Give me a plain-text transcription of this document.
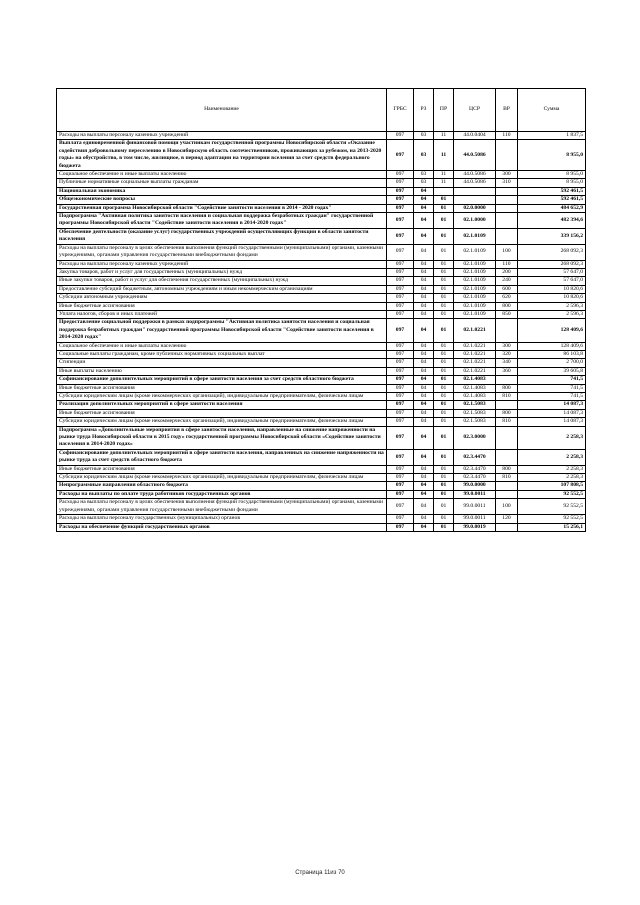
Наименование	ГРБС	РЗ	ПР	ЦСР	ВР	Сумма
Расходы на выплаты персоналу казенных учреждений	097	03	11	44.0.0404	110	1 837,5
Выплата единовременной финансовой помощи участникам государственной программы Новосибирской области «Оказание содействия добровольному переселению в Новосибирскую область соотечественников, проживающих за рубежом, на 2013-2020 годы» на обустройство, в том числе, жилищное, в период адаптации на территории вселения за счет средств федерального бюджета	097	03	11	44.0.5086		8 955,0
Социальное обеспечение и иные выплаты населению	097	03	11	44.0.5086	300	8 955,0
Публичные нормативные социальные выплаты гражданам	097	03	11	44.0.5086	310	8 955,0
Национальная экономика	097	04				592 461,5
Общеэкономические вопросы	097	04	01			592 461,5
Государственная программа Новосибирской области "Содействие занятости населения в 2014 - 2020 годах"	097	04	01	02.0.0000		484 652,9
Подпрограмма "Активная политика занятости населения и социальная поддержка безработных граждан" государственной программы Новосибирской области "Содействие занятости населения в 2014-2020 годах"	097	04	01	02.1.0000		482 394,6
Обеспечение деятельности (оказание услуг) государственных учреждений осуществляющих функции в области занятости населения	097	04	01	02.1.0109		339 156,2
Расходы на выплаты персоналу в целях обеспечения выполнения функций государственными (муниципальными) органами, казенными учреждениями, органами управления государственными внебюджетными фондами	097	04	01	02.1.0109	100	268 092,3
Расходы на выплаты персоналу казенных учреждений	097	04	01	02.1.0109	110	268 092,3
Закупка товаров, работ и услуг для государственных (муниципальных) нужд	097	04	01	02.1.0109	200	57 647,0
Иные закупки товаров, работ и услуг для обеспечения государственных (муниципальных) нужд	097	04	01	02.1.0109	240	57 647,0
Предоставление субсидий бюджетным, автономным учреждениям и иным некоммерческим организациям	097	04	01	02.1.0109	600	10 820,6
Субсидии автономным учреждениям	097	04	01	02.1.0109	620	10 820,6
Иные бюджетные ассигнования	097	04	01	02.1.0109	800	2 596,3
Уплата налогов, сборов и иных платежей	097	04	01	02.1.0109	850	2 596,3
Предоставление социальной поддержки в рамках подпрограммы "Активная политика занятости населения и социальная поддержка безработных граждан" государственной программы Новосибирской области "Содействие занятости населения в 2014-2020 годах"	097	04	01	02.1.0221		128 409,6
Социальное обеспечение и иные выплаты населению	097	04	01	02.1.0221	300	128 409,6
Социальные выплаты гражданам, кроме публичных нормативных социальных выплат	097	04	01	02.1.0221	320	86 103,8
Стипендии	097	04	01	02.1.0221	340	2 700,0
Иные выплаты населению	097	04	01	02.1.0221	360	39 605,8
Софинансирование дополнительных мероприятий в сфере занятости населения за счет средств областного бюджета	097	04	01	02.1.4083		741,5
Иные бюджетные ассигнования	097	04	01	02.1.4083	800	741,5
Субсидии юридическим лицам (кроме некоммерческих организаций), индивидуальным предпринимателям, физическим лицам	097	04	01	02.1.4083	810	741,5
Реализация дополнительных мероприятий в сфере занятости населения	097	04	01	02.1.5083		14 087,3
Иные бюджетные ассигнования	097	04	01	02.1.5083	800	14 087,3
Субсидии юридическим лицам (кроме некоммерческих организаций), индивидуальным предпринимателям, физическим лицам	097	04	01	02.1.5083	810	14 087,3
Подпрограмма «Дополнительные мероприятия в сфере занятости населения, направленные на снижение напряженности на рынке труда Новосибирской области в 2015 году» государственной программы Новосибирской области «Содействие занятости населения в 2014-2020 годах»	097	04	01	02.3.0000		2 258,3
Софинансирование дополнительных мероприятий в сфере занятости населения, направленных на снижение напряженности на рынке труда за счет средств областного бюджета	097	04	01	02.3.4470		2 258,3
Иные бюджетные ассигнования	097	04	01	02.3.4470	800	2 258,3
Субсидии юридическим лицам (кроме некоммерческих организаций), индивидуальным предпринимателям, физическим лицам	097	04	01	02.3.4470	810	2 258,3
Непрограммные направления областного бюджета	097	04	01	99.0.0000		107 808,5
Расходы на выплаты по оплате труда работников государственных органов	097	04	01	99.0.0011		92 552,5
Расходы на выплаты персоналу в целях обеспечения выполнения функций государственными (муниципальными) органами, казенными учреждениями, органами управления государственными внебюджетными фондами	097	04	01	99.0.0011	100	92 552,5
Расходы на выплаты персоналу государственных (муниципальных) органов	097	04	01	99.0.0011	120	92 552,5
Расходы на обеспечение функций государственных органов	097	04	01	99.0.0019		15 256,1
Страница 11из 70
